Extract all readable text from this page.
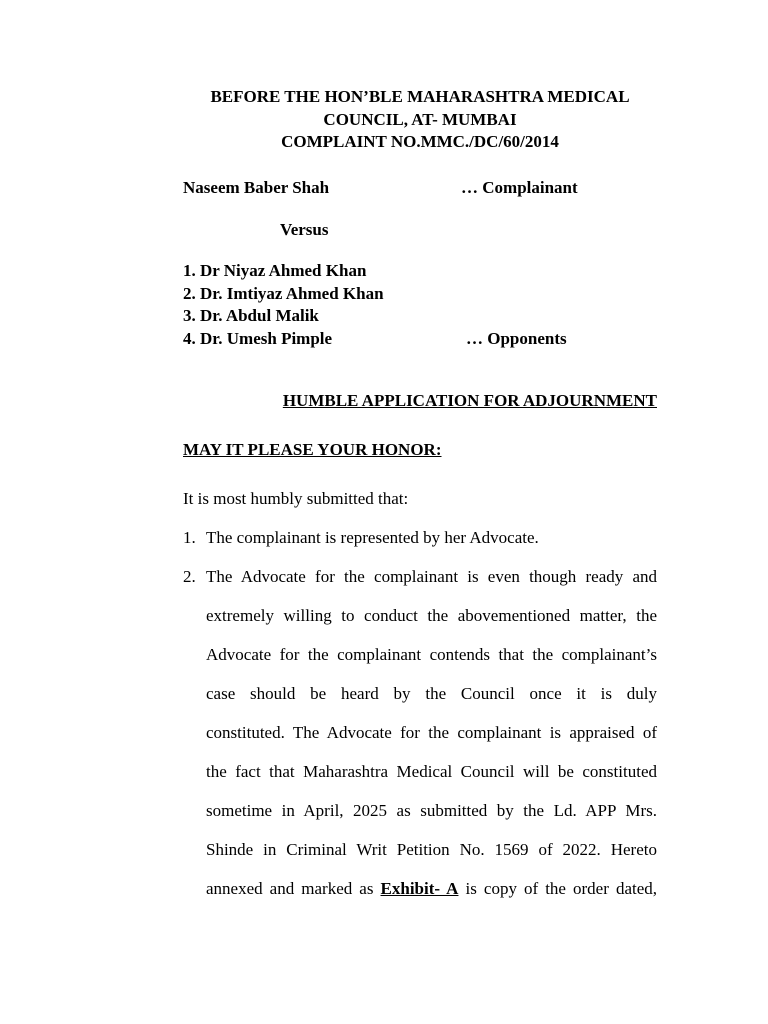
BEFORE THE HON’BLE MAHARASHTRA MEDICAL
COUNCIL, AT- MUMBAI
COMPLAINT NO.MMC./DC/60/2014
Naseem Baber Shah	… Complainant
Versus
1. Dr Niyaz Ahmed Khan
2. Dr. Imtiyaz Ahmed Khan
3. Dr. Abdul Malik
4. Dr. Umesh Pimple	… Opponents
HUMBLE APPLICATION FOR ADJOURNMENT
MAY IT PLEASE YOUR HONOR:
It is most humbly submitted that:
1. The complainant is represented by her Advocate.
2. The Advocate for the complainant is even though ready and
extremely willing to conduct the abovementioned matter, the
Advocate for the complainant contends that the complainant’s
case should be heard by the Council once it is duly
constituted. The Advocate for the complainant is appraised of
the fact that Maharashtra Medical Council will be constituted
sometime in April, 2025 as submitted by the Ld. APP Mrs.
Shinde in Criminal Writ Petition No. 1569 of 2022. Hereto
annexed and marked as Exhibit- A is copy of the order dated,
